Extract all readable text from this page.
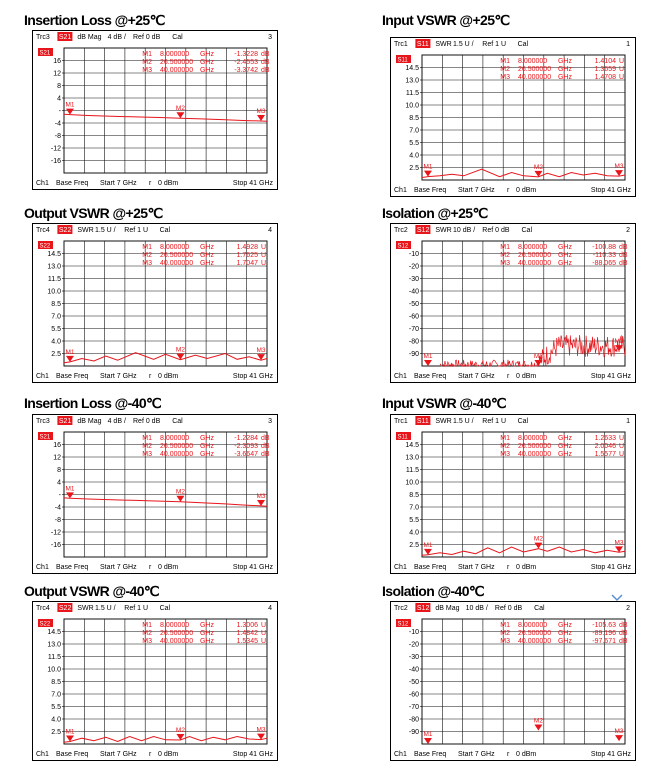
Insertion Loss @+25℃	Input VSWR @+25℃
Output VSWR @+25℃	Isolation @+25℃
Insertion Loss @-40℃	Input VSWR @-40℃
Output VSWR @-40℃	Isolation @-40℃
Trc3 S21 dB Mag 4 dB / Ref 0 dB Cal	3
16
12
8
4
-
-4
-8
-12
-16
S21	M1 8.000000 GHz	-1.3228 dB
M2 26.500000 GHz	-2.4553 dB
M3 40.000000 GHz	-3.3742 dB
M1
M2	M3
Ch1 Base Freq Start 7 GHz r 0 dBm	Stop 41 GHz
Trc1 S11 SWR 1.5 U / Ref 1 U Cal	1
14.5
13.0
11.5
10.0
8.5
7.0
5.5
4.0
2.5
S11	M1 8.000000 GHz	1.4104 U
M2 26.500000 GHz	1.3659 U
M3 40.000000 GHz	1.4708 U
M1	M2	M3
Ch1 Base Freq Start 7 GHz r 0 dBm	Stop 41 GHz
Trc4 S22 SWR 1.5 U / Ref 1 U Cal	4
14.5
13.0
11.5
10.0
8.5
7.0
5.5
4.0
2.5
S22	M1 8.000000 GHz	1.4928 U
M2 26.500000 GHz	1.7625 U
M3 40.000000 GHz	1.7047 U
M1	M2	M3
Ch1 Base Freq Start 7 GHz r 0 dBm	Stop 41 GHz
Trc2 S12 SWR 10 dB / Ref 0 dB Cal	2
-10
-20
-30
-40
-50
-60
-70
-80
-90
S12	M1 8.000000 GHz	-100.88 dB
M2 26.500000 GHz	-110.33 dB
M3 40.000000 GHz	-88.065 dB
M1	M2
M3
Ch1 Base Freq Start 7 GHz r 0 dBm	Stop 41 GHz
Trc3 S21 dB Mag 4 dB / Ref 0 dB Cal	3
16
12
8
4
-
-4
-8
-12
-16
S21	M1 8.000000 GHz	-1.2284 dB
M2 26.500000 GHz	-2.3093 dB
M3 40.000000 GHz	-3.6647 dB
M1	M2
M3
Ch1 Base Freq Start 7 GHz r 0 dBm	Stop 41 GHz
Trc1 S11 SWR 1.5 U / Ref 1 U Cal	1
14.5
13.0
11.5
10.0
8.5
7.0
5.5
4.0
2.5
S11	M1 8.000000 GHz	1.2633 U
M2 26.500000 GHz	2.0046 U
M3 40.000000 GHz	1.5577 U
M1
M2
M3
Ch1 Base Freq Start 7 GHz r 0 dBm	Stop 41 GHz
Trc4 S22 SWR 1.5 U / Ref 1 U Cal	4
14.5
13.0
11.5
10.0
8.5
7.0
5.5
4.0
2.5
S22	M1 8.000000 GHz	1.3006 U
M2 26.500000 GHz	1.4842 U
M3 40.000000 GHz	1.5345 U
M1	M2	M3
Ch1 Base Freq Start 7 GHz r 0 dBm	Stop 41 GHz
Trc2 S12 dB Mag 10 dB / Ref 0 dB Cal	2
-10
-20
-30
-40
-50
-60
-70
-80
-90
S12	M1 8.000000 GHz	-105.63 dB
M2 26.500000 GHz	-89.196 dB
M3 40.000000 GHz	-97.671 dB
M1
M2
M3
Ch1 Base Freq Start 7 GHz r 0 dBm	Stop 41 GHz
